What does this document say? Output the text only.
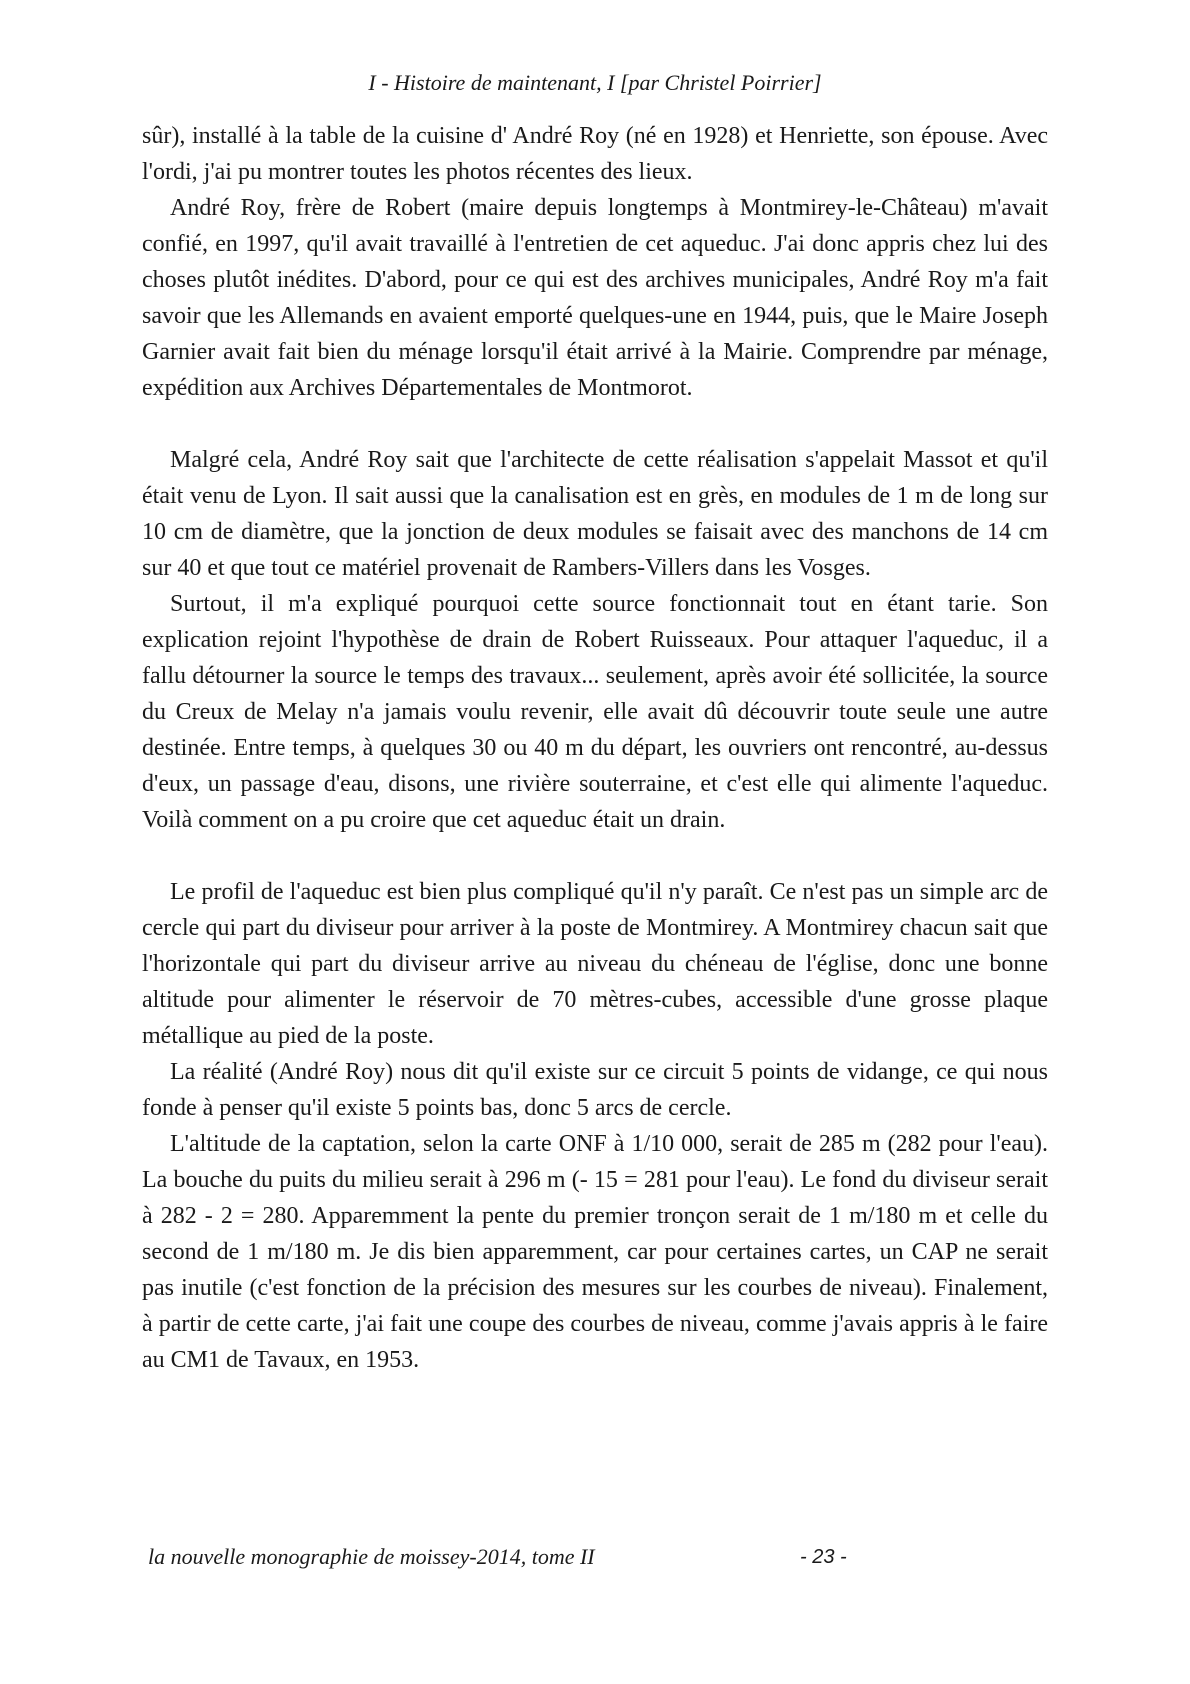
I - Histoire de maintenant, I [par Christel Poirrier]

sûr), installé à la table de la cuisine d' André Roy (né en 1928) et Henriette, son épouse. Avec l'ordi, j'ai pu montrer toutes les photos récentes des lieux.

André Roy, frère de Robert (maire depuis longtemps à Montmirey-le-Château) m'avait confié, en 1997, qu'il avait travaillé à l'entretien de cet aqueduc. J'ai donc appris chez lui des choses plutôt inédites. D'abord, pour ce qui est des archives municipales, André Roy m'a fait savoir que les Allemands en avaient emporté quelques-une en 1944, puis, que le Maire Joseph Garnier avait fait bien du ménage lorsqu'il était arrivé à la Mairie. Comprendre par ménage, expédition aux Archives Départementales de Montmorot.

Malgré cela, André Roy sait que l'architecte de cette réalisation s'appelait Massot et qu'il était venu de Lyon. Il sait aussi que la canalisation est en grès, en modules de 1 m de long sur 10 cm de diamètre, que la jonction de deux modules se faisait avec des manchons de 14 cm sur 40 et que tout ce matériel provenait de Rambers-Villers dans les Vosges.

Surtout, il m'a expliqué pourquoi cette source fonctionnait tout en étant tarie. Son explication rejoint l'hypothèse de drain de Robert Ruisseaux. Pour attaquer l'aqueduc, il a fallu détourner la source le temps des travaux... seulement, après avoir été sollicitée, la source du Creux de Melay n'a jamais voulu revenir, elle avait dû découvrir toute seule une autre destinée. Entre temps, à quelques 30 ou 40 m du départ, les ouvriers ont rencontré, au-dessus d'eux, un passage d'eau, disons, une rivière souterraine, et c'est elle qui alimente l'aqueduc. Voilà comment on a pu croire que cet aqueduc était un drain.

Le profil de l'aqueduc est bien plus compliqué qu'il n'y paraît. Ce n'est pas un simple arc de cercle qui part du diviseur pour arriver à la poste de Montmirey. A Montmirey chacun sait que l'horizontale qui part du diviseur arrive au niveau du chéneau de l'église, donc une bonne altitude pour alimenter le réservoir de 70 mètres-cubes, accessible d'une grosse plaque métallique au pied de la poste.

La réalité (André Roy) nous dit qu'il existe sur ce circuit 5 points de vidange, ce qui nous fonde à penser qu'il existe 5 points bas, donc 5 arcs de cercle.

L'altitude de la captation, selon la carte ONF à 1/10 000, serait de 285 m (282 pour l'eau). La bouche du puits du milieu serait à 296 m (- 15 = 281 pour l'eau). Le fond du diviseur serait à 282 - 2 = 280. Apparemment la pente du premier tronçon serait de 1 m/180 m et celle du second de 1 m/180 m. Je dis bien apparemment, car pour certaines cartes, un CAP ne serait pas inutile (c'est fonction de la précision des mesures sur les courbes de niveau). Finalement, à partir de cette carte, j'ai fait une coupe des courbes de niveau, comme j'avais appris à le faire au CM1 de Tavaux, en 1953.

la nouvelle monographie de moissey-2014, tome II	- 23 -
